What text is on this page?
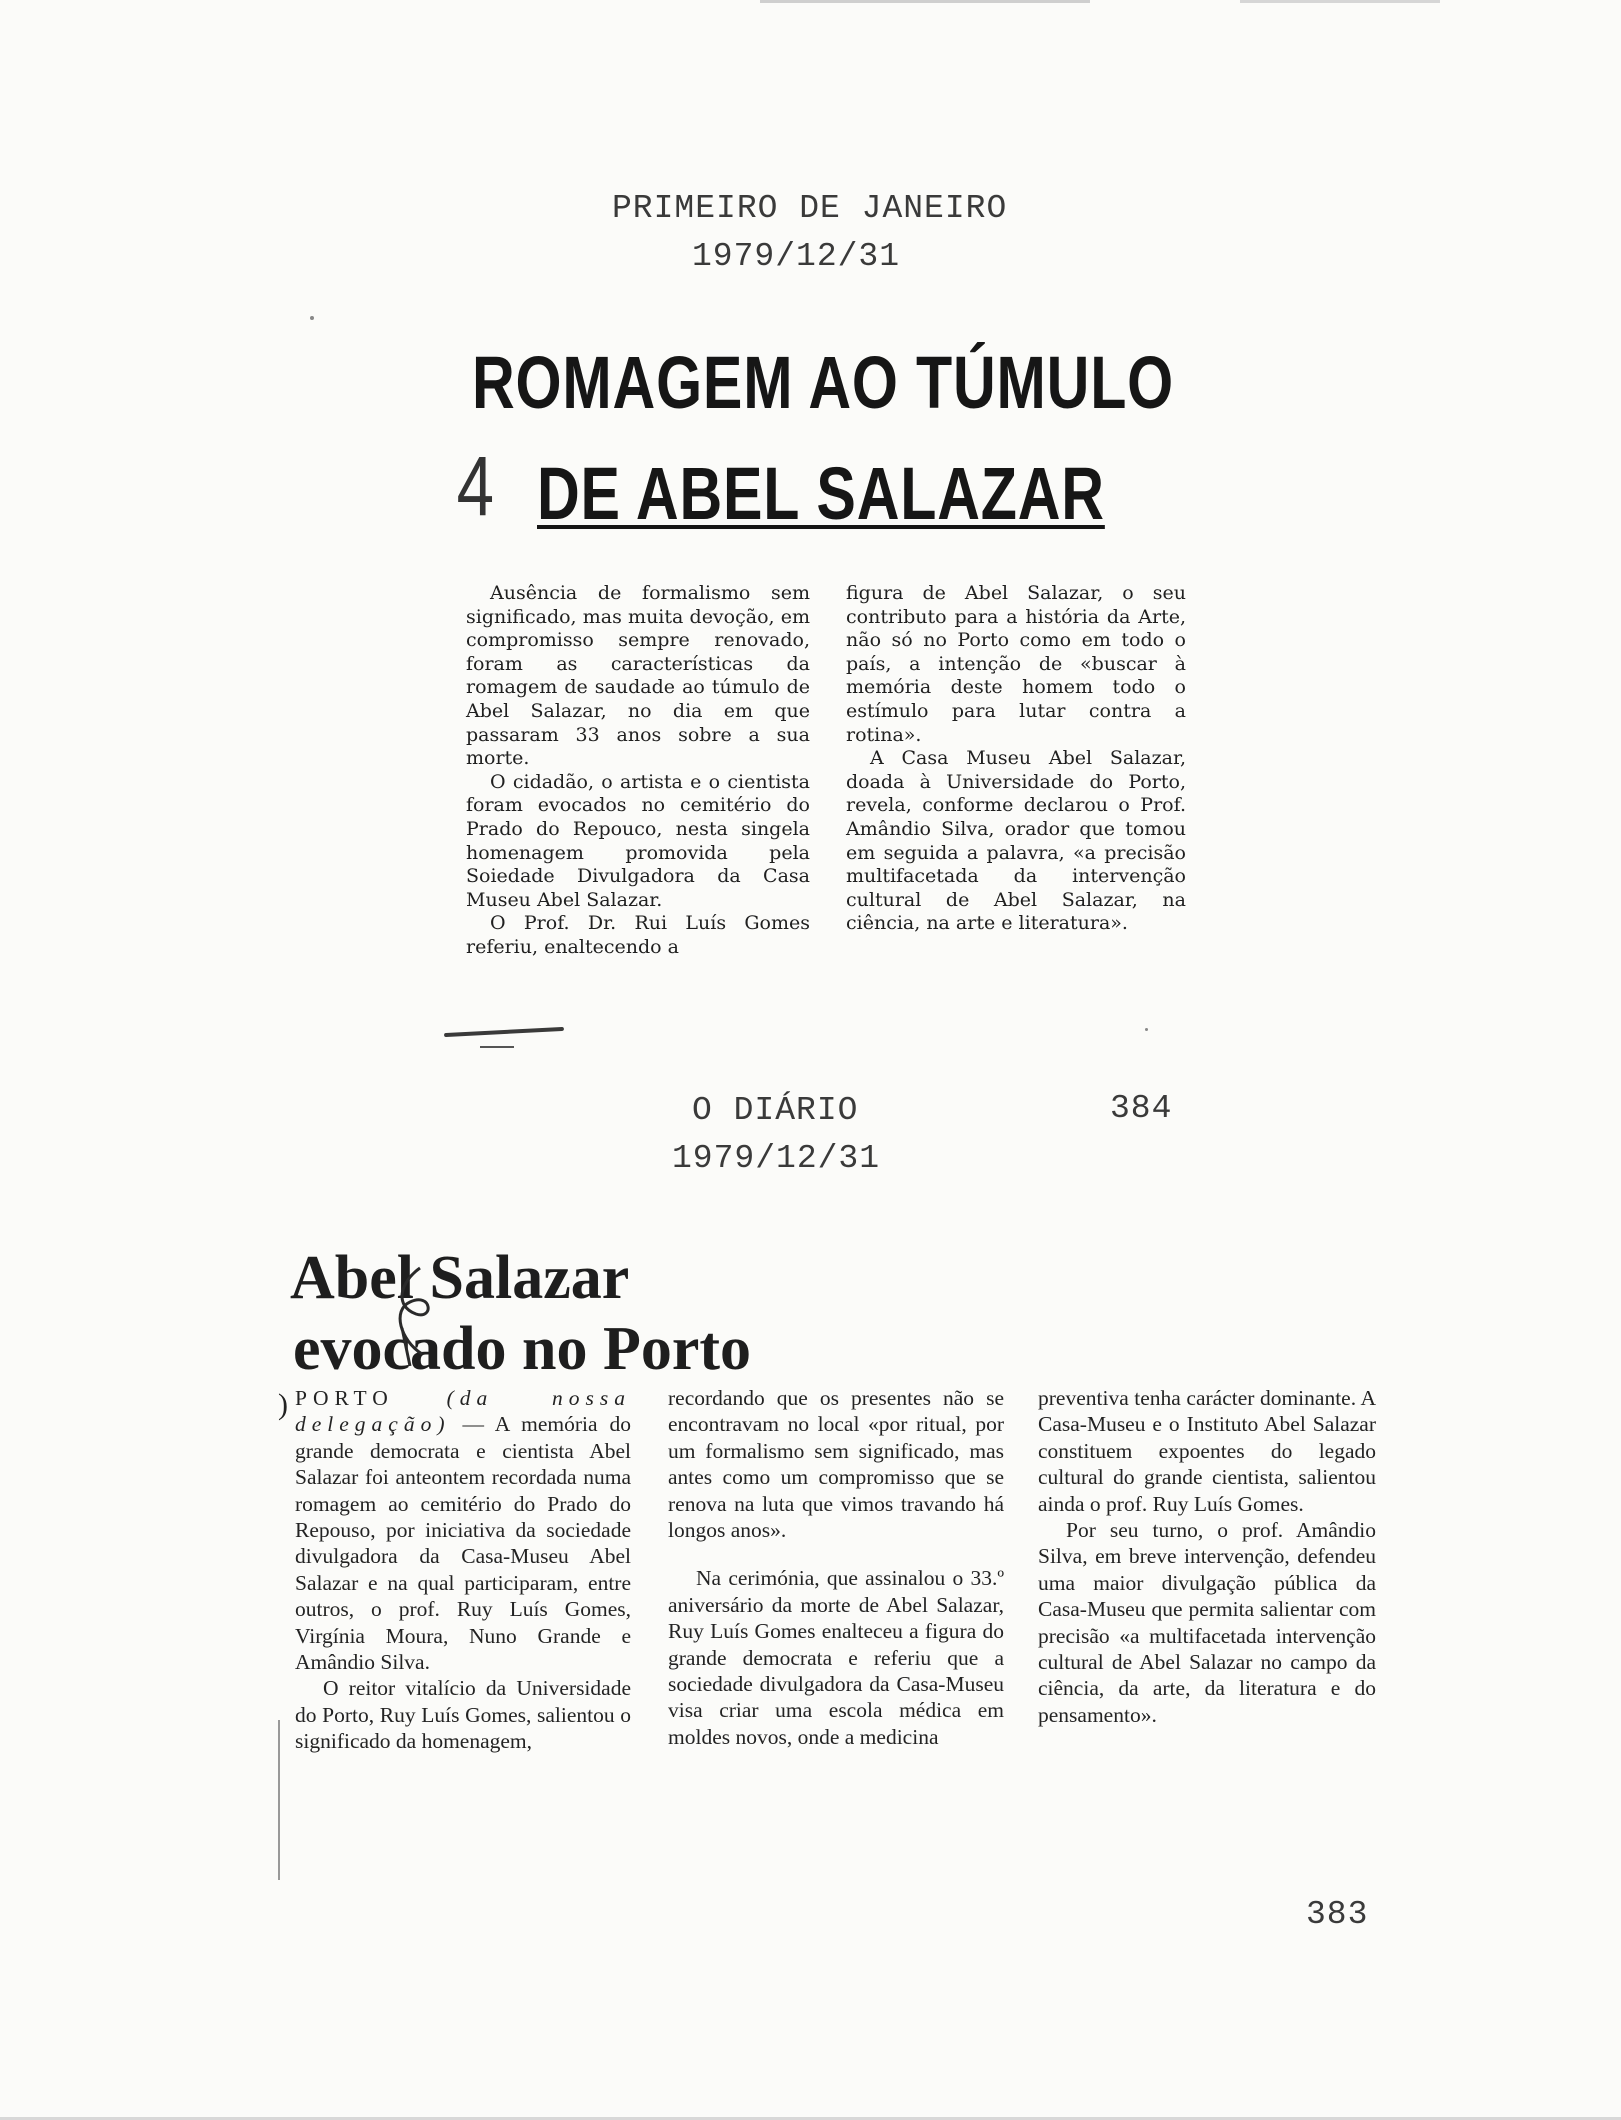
PRIMEIRO DE JANEIRO
1979/12/31
ROMAGEM AO TÚMULO
4 DE ABEL SALAZAR

Ausência de formalismo sem significado, mas muita devoção, em compromisso sempre renovado, foram as características da romagem de saudade ao túmulo de Abel Salazar, no dia em que passaram 33 anos sobre a sua morte.

O cidadão, o artista e o cientista foram evocados no cemitério do Prado do Repouco, nesta singela homenagem promovida pela Soiedade Divulgadora da Casa Museu Abel Salazar.

O Prof. Dr. Rui Luís Gomes referiu, enaltecendo a

figura de Abel Salazar, o seu contributo para a história da Arte, não só no Porto como em todo o país, a intenção de «buscar à memória deste homem todo o estímulo para lutar contra a rotina».

A Casa Museu Abel Salazar, doada à Universidade do Porto, revela, conforme declarou o Prof. Amândio Silva, orador que tomou em seguida a palavra, «a precisão multifacetada da intervenção cultural de Abel Salazar, na ciência, na arte e literatura».

O DIÁRIO	384
1979/12/31
Abel Salazar
evocado no Porto

PORTO (da nossa delegação) — A memória do grande democrata e cientista Abel Salazar foi anteontem recordada numa romagem ao cemitério do Prado do Repouso, por iniciativa da sociedade divulgadora da Casa-Museu Abel Salazar e na qual participaram, entre outros, o prof. Ruy Luís Gomes, Virgínia Moura, Nuno Grande e Amândio Silva.

O reitor vitalício da Universidade do Porto, Ruy Luís Gomes, salientou o significado da homenagem,

recordando que os presentes não se encontravam no local «por ritual, por um formalismo sem significado, mas antes como um compromisso que se renova na luta que vimos travando há longos anos».

Na cerimónia, que assinalou o 33.º aniversário da morte de Abel Salazar, Ruy Luís Gomes enalteceu a figura do grande democrata e referiu que a sociedade divulgadora da Casa-Museu visa criar uma escola médica em moldes novos, onde a medicina

preventiva tenha carácter dominante. A Casa-Museu e o Instituto Abel Salazar constituem expoentes do legado cultural do grande cientista, salientou ainda o prof. Ruy Luís Gomes.

Por seu turno, o prof. Amândio Silva, em breve intervenção, defendeu uma maior divulgação pública da Casa-Museu que permita salientar com precisão «a multifacetada intervenção cultural de Abel Salazar no campo da ciência, da arte, da literatura e do pensamento».

)
383
